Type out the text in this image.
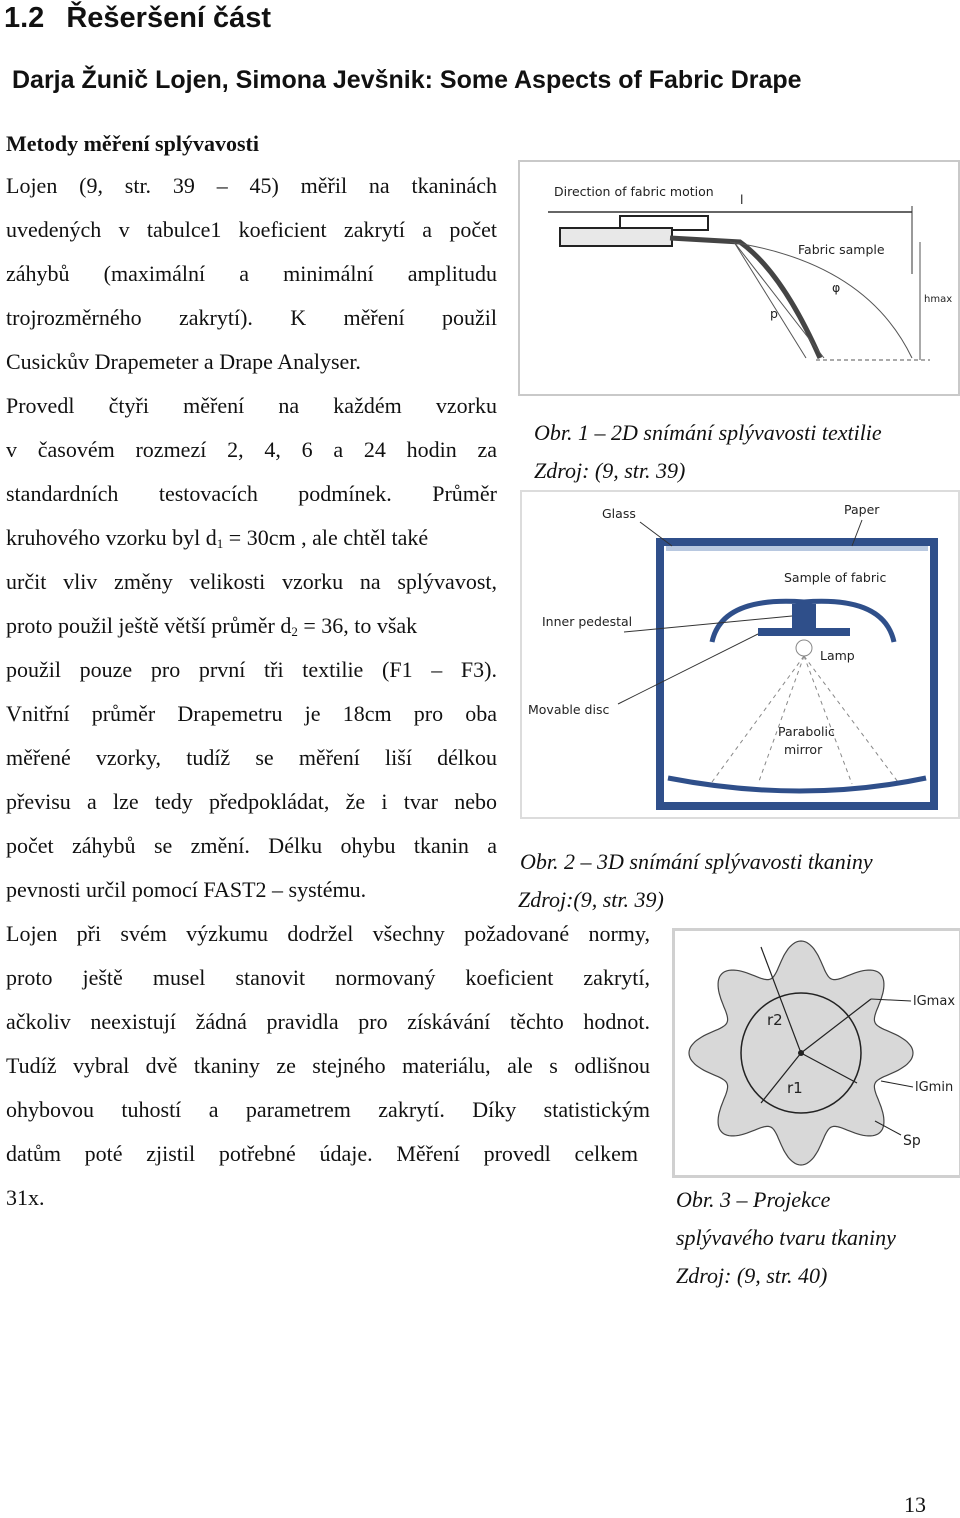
1.2 Řešeršení část
Darja Žunič Lojen, Simona Jevšnik: Some Aspects of Fabric Drape
Metody měření splývavosti
Lojen (9, str. 39 – 45) měřil na tkaninách
uvedených v tabulce1 koeficient zakrytí a počet
záhybů (maximální a minimální amplitudu
trojrozměrného zakrytí). K měření použil
Cusickův Drapemeter a Drape Analyser.
Provedl čtyři měření na každém vzorku
v časovém rozmezí 2, 4, 6 a 24 hodin za
standardních testovacích podmínek. Průměr
kruhového vzorku byl $d_1 = 30cm$ , ale chtěl také
určit vliv změny velikosti vzorku na splývavost,
proto použil ještě větší průměr $d_2 = 36$, to však
použil pouze pro první tři textilie (F1 – F3).
Vnitřní průměr Drapemetru je 18cm pro oba
měřené vzorky, tudíž se měření liší délkou
převisu a lze tedy předpokládat, že i tvar nebo
počet záhybů se změní. Délku ohybu tkanin a
pevnosti určil pomocí FAST2 – systému.
Lojen při svém výzkumu dodržel všechny požadované normy,
proto ještě musel stanovit normovaný koeficient zakrytí,
ačkoliv neexistují žádná pravidla pro získávání těchto hodnot.
Tudíž vybral dvě tkaniny ze stejného materiálu, ale s odlišnou
ohybovou tuhostí a parametrem zakrytí. Díky statistickým
datům poté zjistil potřebné údaje. Měření provedl celkem
31x.
Direction of fabric motion
l
Fabric sample
φ
p
hmax
Obr. 1 – 2D snímání splývavosti textilie
Zdroj: (9, str. 39)
Glass	Paper
Sample of fabric
Inner pedestal
Lamp
Movable disc
Parabolic
mirror
Obr. 2 – 3D snímání splývavosti tkaniny
Zdroj:(9, str. 39)
r2
r1
lGmax
lGmin
Sp
Obr. 3 – Projekce
splývavého tvaru tkaniny
Zdroj: (9, str. 40)
13
